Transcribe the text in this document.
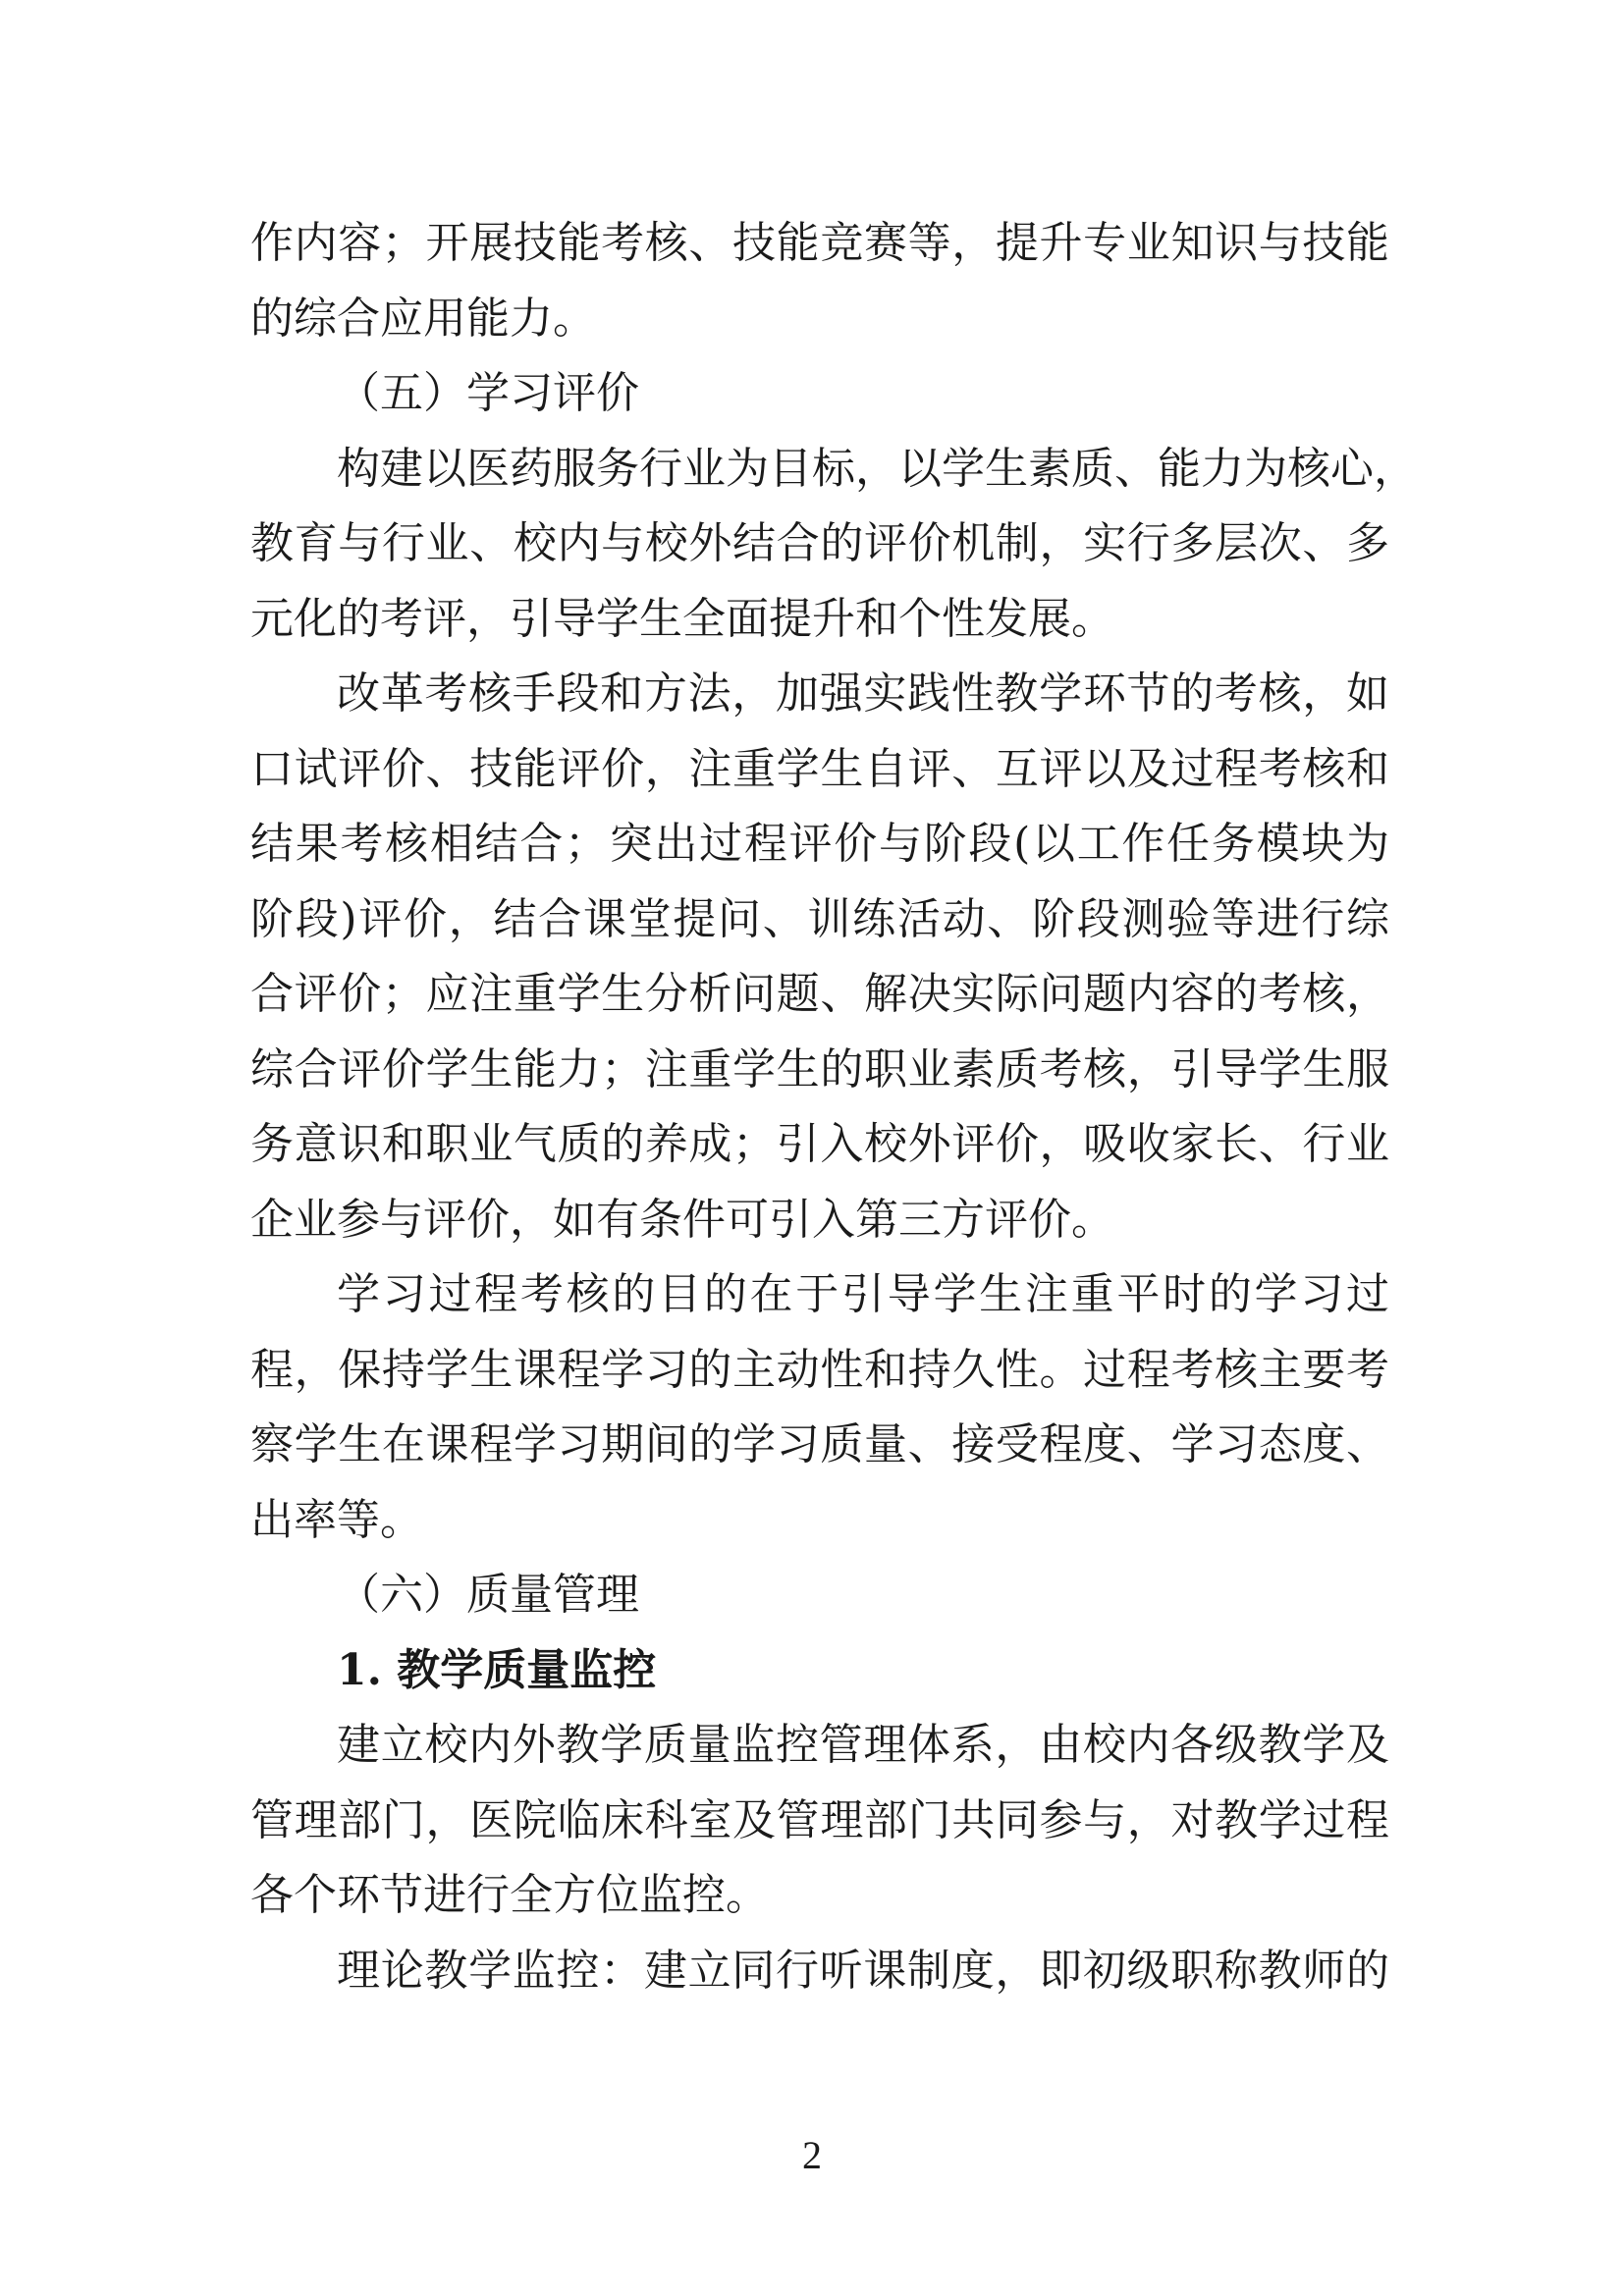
作内容；开展技能考核、技能竞赛等，提升专业知识与技能
的综合应用能力。
（五）学习评价
构建以医药服务行业为目标，以学生素质、能力为核心，
教育与行业、校内与校外结合的评价机制，实行多层次、多
元化的考评，引导学生全面提升和个性发展。
改革考核手段和方法，加强实践性教学环节的考核，如
口试评价、技能评价，注重学生自评、互评以及过程考核和
结果考核相结合；突出过程评价与阶段(以工作任务模块为
阶段)评价，结合课堂提问、训练活动、阶段测验等进行综
合评价；应注重学生分析问题、解决实际问题内容的考核，
综合评价学生能力；注重学生的职业素质考核，引导学生服
务意识和职业气质的养成；引入校外评价，吸收家长、行业
企业参与评价，如有条件可引入第三方评价。
学习过程考核的目的在于引导学生注重平时的学习过
程，保持学生课程学习的主动性和持久性。过程考核主要考
察学生在课程学习期间的学习质量、接受程度、学习态度、
出率等。
（六）质量管理
1. 教学质量监控
建立校内外教学质量监控管理体系，由校内各级教学及
管理部门，医院临床科室及管理部门共同参与，对教学过程
各个环节进行全方位监控。
理论教学监控：建立同行听课制度，即初级职称教师的
2
